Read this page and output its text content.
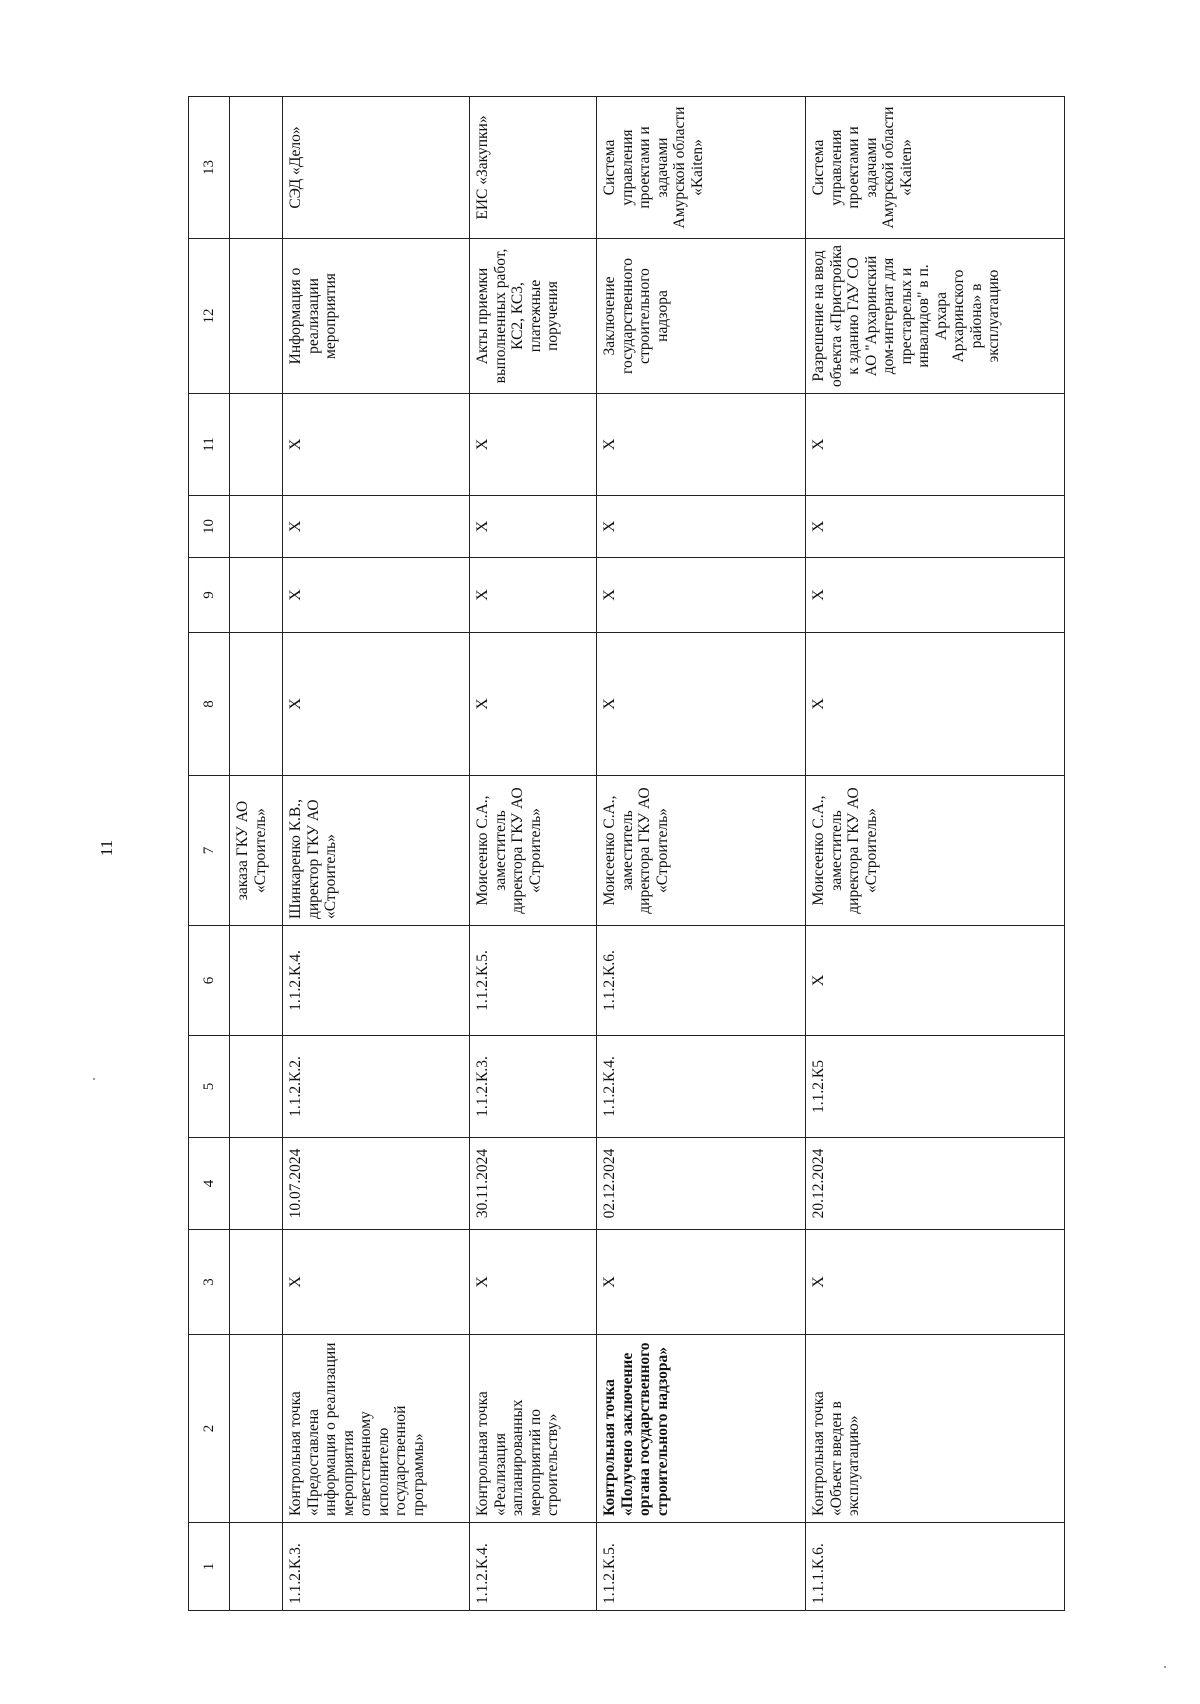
11
1	2	3	4	5	6	7	8	9	10	11	12	13
						заказа ГКУ АО «Строитель»						
1.1.2.К.3.	Контрольная точка «Предоставлена информация о реализации мероприятия ответственному исполнителю государственной программы»	Х	10.07.2024	1.1.2.К.2.	1.1.2.К.4.	Шинкаренко К.В., директор ГКУ АО «Строитель»	Х	Х	Х	Х	Информация о реализации мероприятия	СЭД «Дело»
1.1.2.К.4.	Контрольная точка «Реализация запланированных мероприятий по строительству»	Х	30.11.2024	1.1.2.К.3.	1.1.2.К.5.	Моисеенко С.А., заместитель директора ГКУ АО «Строитель»	Х	Х	Х	Х	Акты приемки выполненных работ, КС2, КС3, платежные поручения	ЕИС «Закупки»
1.1.2.К.5.	Контрольная точка «Получено заключение органа государственного строительного надзора»	Х	02.12.2024	1.1.2.К.4.	1.1.2.К.6.	Моисеенко С.А., заместитель директора ГКУ АО «Строитель»	Х	Х	Х	Х	Заключение государственного строительного надзора	Система управления проектами и задачами Амурской области «Kaiten»
1.1.1.К.6.	Контрольная точка «Объект введен в эксплуатацию»	Х	20.12.2024	1.1.2.К5	Х	Моисеенко С.А., заместитель директора ГКУ АО «Строитель»	Х	Х	Х	Х	Разрешение на ввод объекта «Пристройка к зданию ГАУ СО АО "Архаринский дом-интернат для престарелых и инвалидов" в п. Архара Архаринского района» в эксплуатацию	Система управления проектами и задачами Амурской области «Kaiten»
